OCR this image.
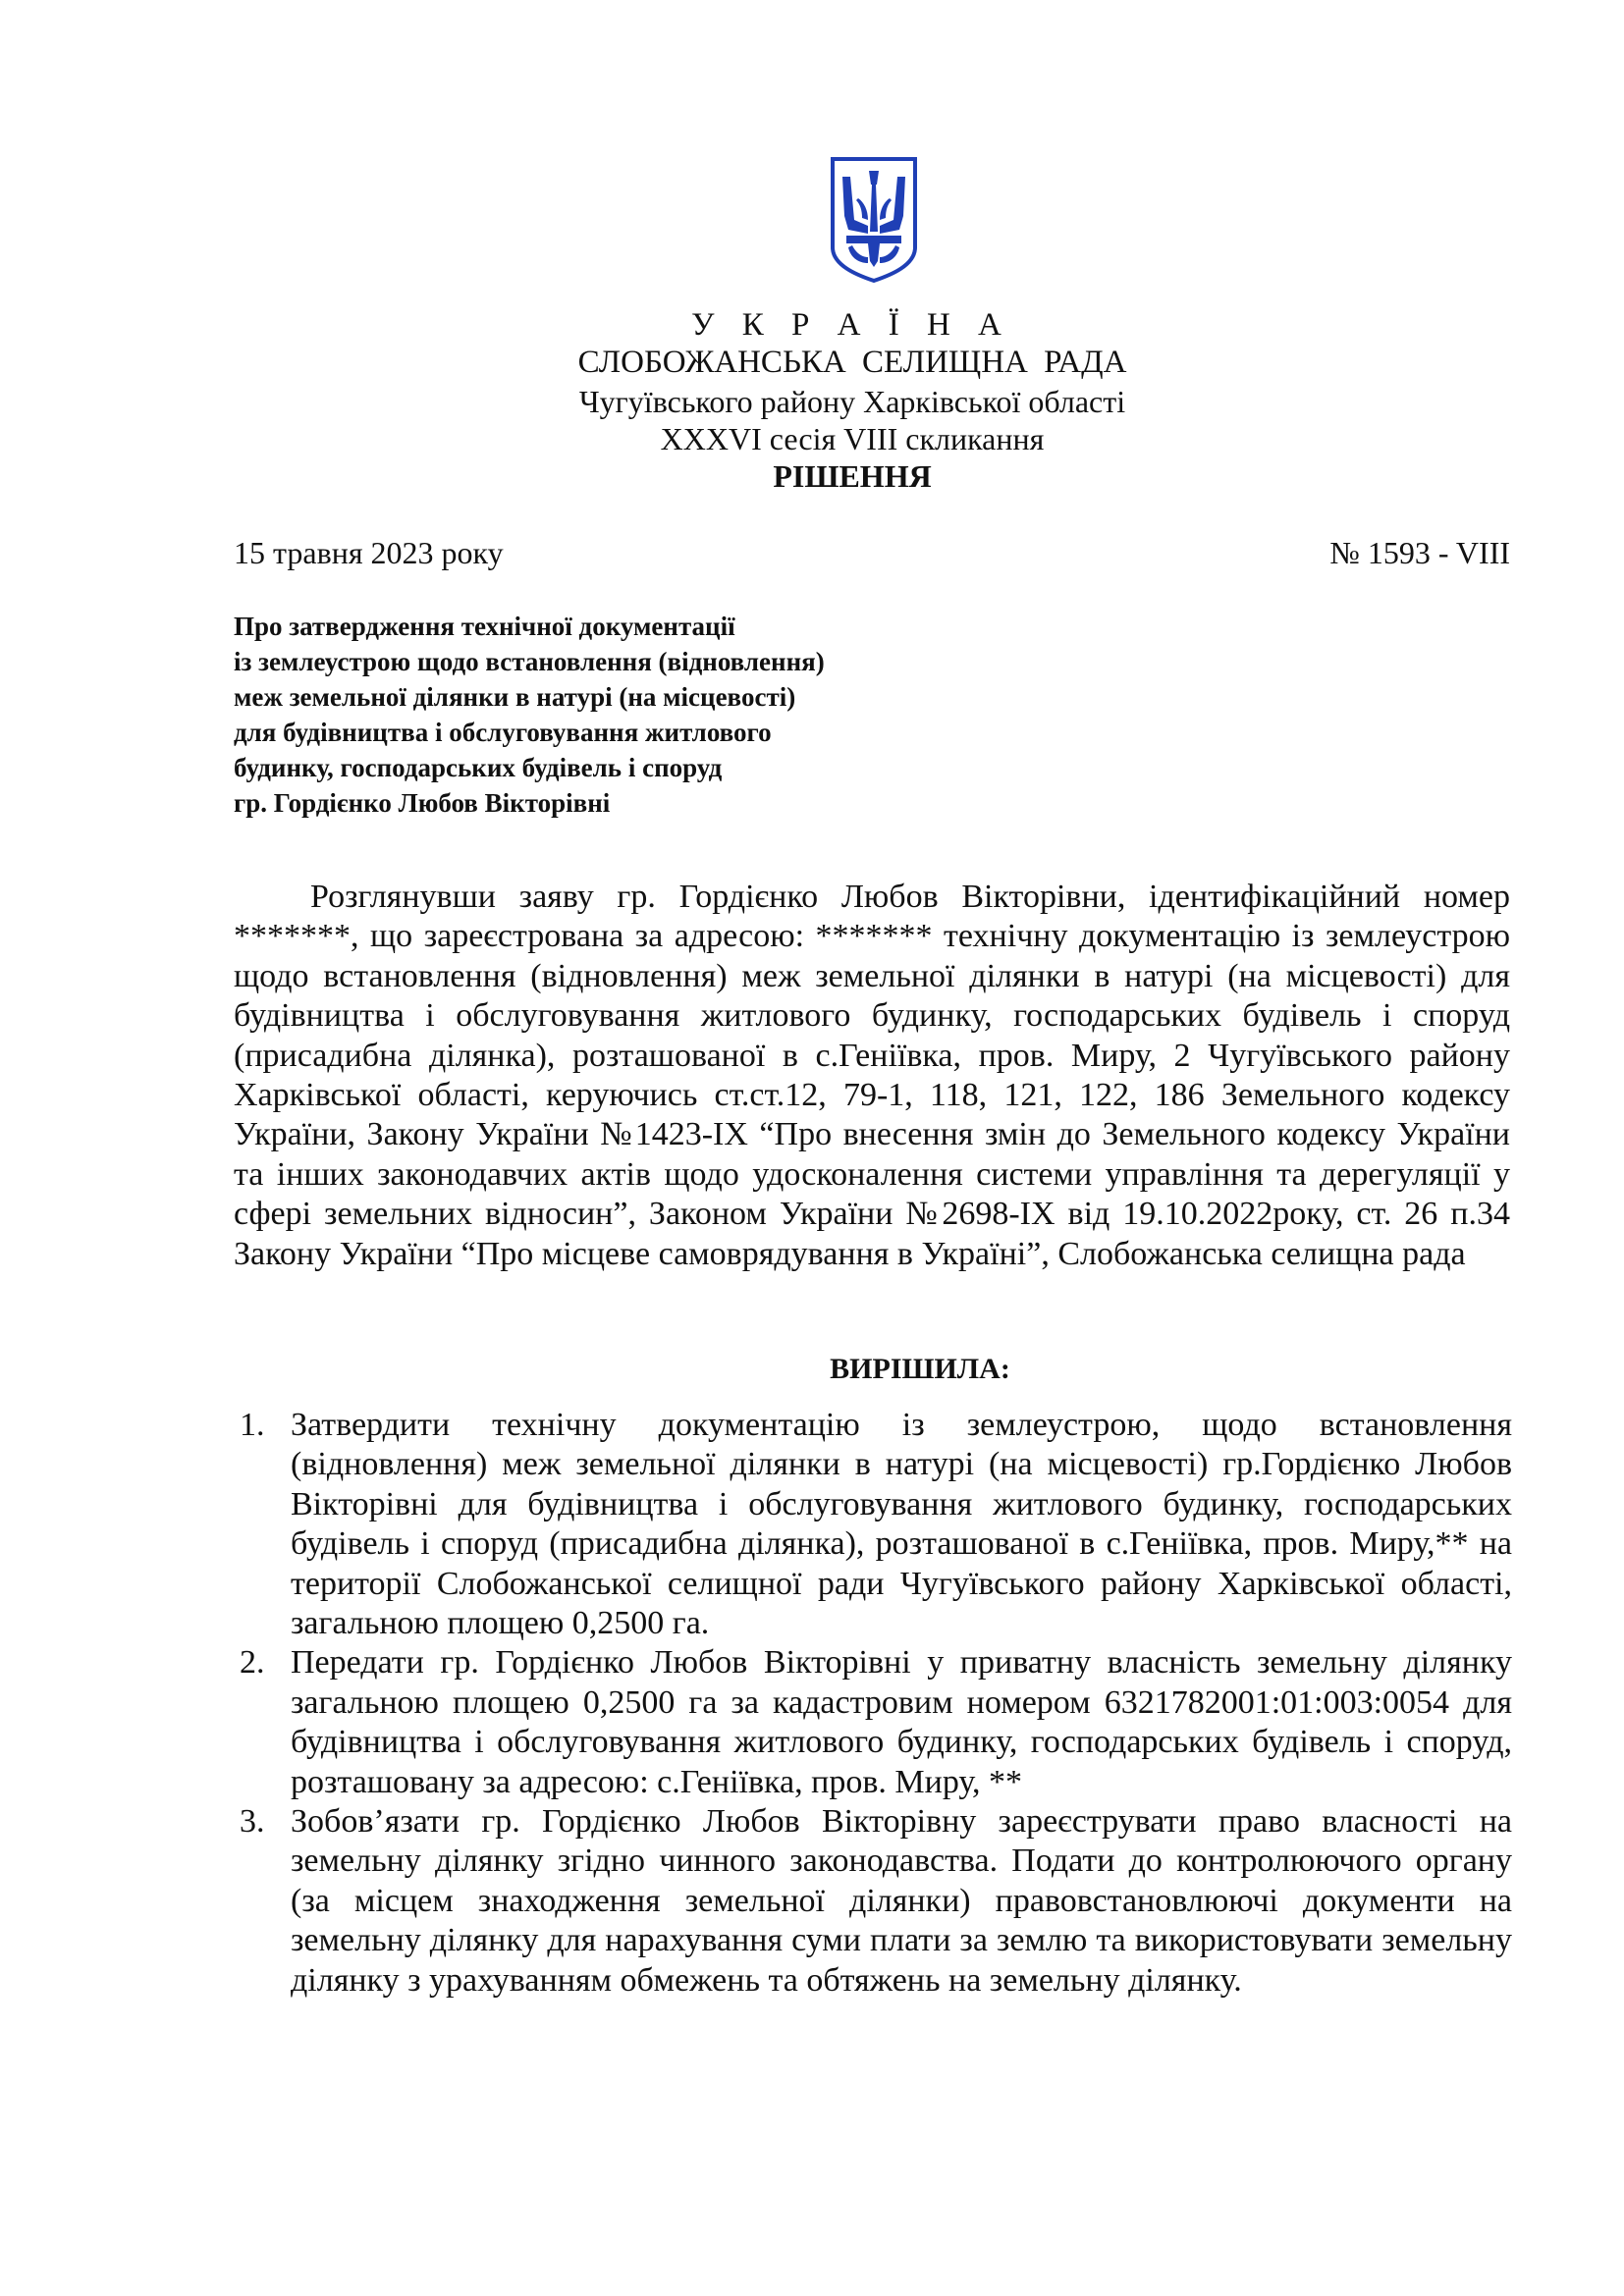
У К Р А Ї Н А
СЛОБОЖАНСЬКА СЕЛИЩНА РАДА
Чугуївського району Харківської області
XXXVI сесія VIII скликання
РІШЕННЯ
15 травня 2023 року	№ 1593 - VIII
Про затвердження технічної документації
із землеустрою щодо встановлення (відновлення)
меж земельної ділянки в натурі (на місцевості)
для будівництва і обслуговування житлового
будинку, господарських будівель і споруд
гр. Гордієнко Любов Вікторівні

Розглянувши заяву гр. Гордієнко Любов Вікторівни, ідентифікаційний номер *******, що зареєстрована за адресою: ******* технічну документацію із землеустрою щодо встановлення (відновлення) меж земельної ділянки в натурі (на місцевості) для будівництва і обслуговування житлового будинку, господарських будівель і споруд (присадибна ділянка), розташованої в с.Геніївка, пров. Миру, 2 Чугуївського району Харківської області, керуючись ст.ст.12, 79-1, 118, 121, 122, 186 Земельного кодексу України, Закону України №1423-IX “Про внесення змін до Земельного кодексу України та інших законодавчих актів щодо удосконалення системи управління та дерегуляції у сфері земельних відносин”, Законом України №2698-IX від 19.10.2022року, ст. 26 п.34 Закону України “Про місцеве самоврядування в Україні”, Слобожанська селищна рада

ВИРІШИЛА:
1. Затвердити технічну документацію із землеустрою, щодо встановлення (відновлення) меж земельної ділянки в натурі (на місцевості) гр.Гордієнко Любов Вікторівні для будівництва і обслуговування житлового будинку, господарських будівель і споруд (присадибна ділянка), розташованої в с.Геніївка, пров. Миру,** на території Слобожанської селищної ради Чугуївського району Харківської області, загальною площею 0,2500 га.
2. Передати гр. Гордієнко Любов Вікторівні у приватну власність земельну ділянку загальною площею 0,2500 га за кадастровим номером 6321782001:01:003:0054 для будівництва і обслуговування житлового будинку, господарських будівель і споруд, розташовану за адресою: с.Геніївка, пров. Миру, **
3. Зобов’язати гр. Гордієнко Любов Вікторівну зареєструвати право власності на земельну ділянку згідно чинного законодавства. Подати до контролюючого органу (за місцем знаходження земельної ділянки) правовстановлюючі документи на земельну ділянку для нарахування суми плати за землю та використовувати земельну ділянку з урахуванням обмежень та обтяжень на земельну ділянку.
